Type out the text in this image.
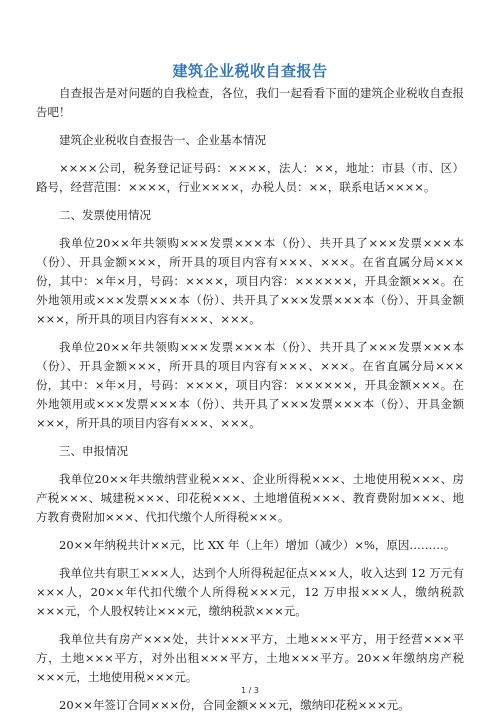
建筑企业税收自查报告

自查报告是对问题的自我检查，各位，我们一起看看下面的建筑企业税收自查报告吧！

建筑企业税收自查报告一、企业基本情况

××××公司，税务登记证号码：××××，法人：××，地址：市县（市、区）路号，经营范围：××××，行业××××，办税人员：××，联系电话××××。

二、发票使用情况

我单位20××年共领购×××发票×××本（份）、共开具了×××发票×××本（份）、开具金额×××，所开具的项目内容有×××、×××。在省直属分局×××份，其中：×年×月，号码：××××，项目内容：××××××，开具金额×××。在外地领用或×××发票×××本（份）、共开具了×××发票×××本（份）、开具金额×××，所开具的项目内容有×××、×××。

我单位20××年共领购×××发票×××本（份）、共开具了×××发票×××本（份）、开具金额×××，所开具的项目内容有×××、×××。在省直属分局×××份，其中：×年×月，号码：××××，项目内容：××××××，开具金额×××。在外地领用或×××发票×××本（份）、共开具了×××发票×××本（份）、开具金额×××，所开具的项目内容有×××、×××。

三、申报情况

我单位20××年共缴纳营业税×××、企业所得税×××、土地使用税×××、房产税×××、城建税×××、印花税×××、土地增值税×××、教育费附加×××、地方教育费附加×××、代扣代缴个人所得税×××。

20××年纳税共计××元，比 XX 年（上年）增加（减少）×%，原因………。

我单位共有职工×××人，达到个人所得税起征点×××人，收入达到 12 万元有×××人，20××年代扣代缴个人所得税×××元，12 万申报×××人，缴纳税款×××元，个人股权转让×××元，缴纳税款×××元。

我单位共有房产×××处，共计×××平方，土地×××平方，用于经营×××平方，土地×××平方，对外出租×××平方，土地×××平方。20××年缴纳房产税×××元，土地使用税×××元。

20××年签订合同×××份，合同金额×××元，缴纳印花税×××元。

1 / 3
